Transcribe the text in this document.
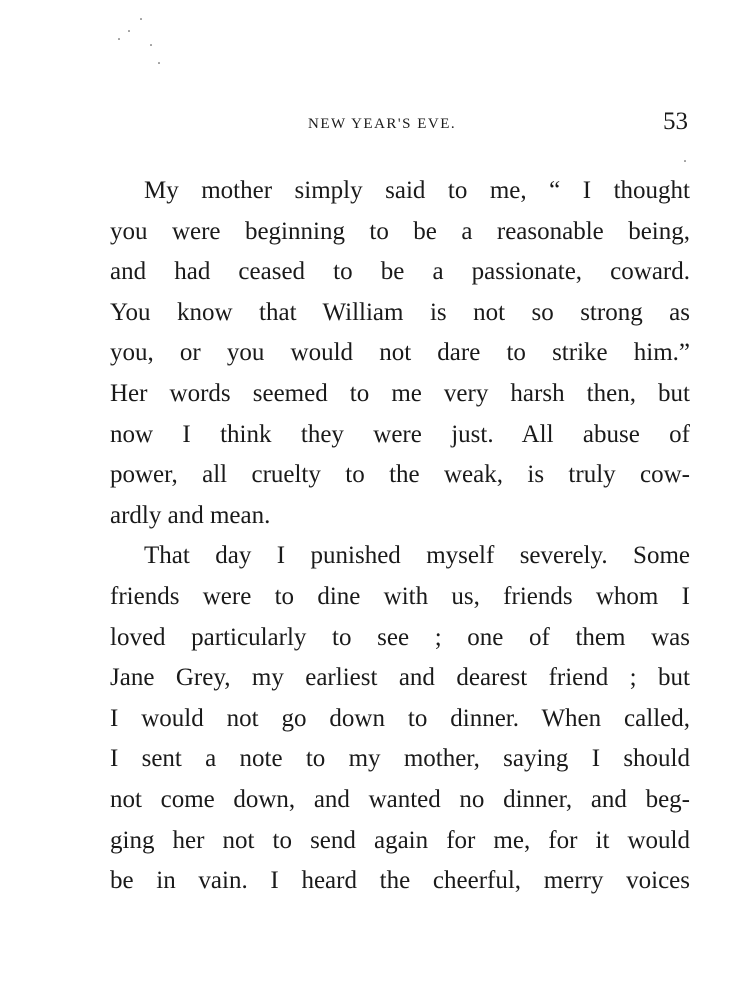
NEW YEAR'S EVE.	53
My mother simply said to me, “ I thought
you were beginning to be a reasonable being,
and had ceased to be a passionate, coward.
You know that William is not so strong as
you, or you would not dare to strike him.”
Her words seemed to me very harsh then, but
now I think they were just. All abuse of
power, all cruelty to the weak, is truly cow-
ardly and mean.
That day I punished myself severely. Some
friends were to dine with us, friends whom I
loved particularly to see ; one of them was
Jane Grey, my earliest and dearest friend ; but
I would not go down to dinner. When called,
I sent a note to my mother, saying I should
not come down, and wanted no dinner, and beg-
ging her not to send again for me, for it would
be in vain. I heard the cheerful, merry voices
